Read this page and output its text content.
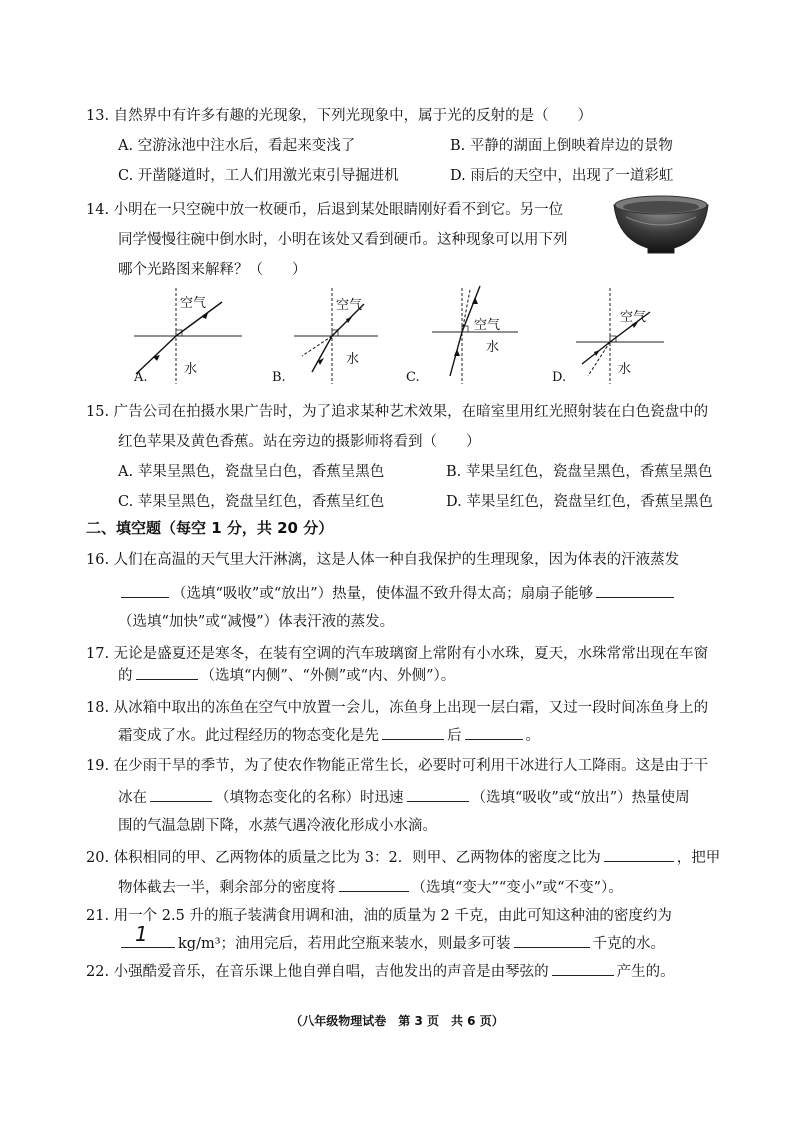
13. 自然界中有许多有趣的光现象，下列光现象中，属于光的反射的是（　　）
A. 空游泳池中注水后，看起来变浅了	B. 平静的湖面上倒映着岸边的景物
C. 开凿隧道时，工人们用激光束引导掘进机	D. 雨后的天空中，出现了一道彩虹
14. 小明在一只空碗中放一枚硬币，后退到某处眼睛刚好看不到它。另一位
同学慢慢往碗中倒水时，小明在该处又看到硬币。这种现象可以用下列
哪个光路图来解释？（　　）
A.
空气
水
B.
空气
水
C.
空气
水
D.
空气
水
15. 广告公司在拍摄水果广告时，为了追求某种艺术效果，在暗室里用红光照射装在白色瓷盘中的
红色苹果及黄色香蕉。站在旁边的摄影师将看到（　　）
A. 苹果呈黑色，瓷盘呈白色，香蕉呈黑色	B. 苹果呈红色，瓷盘呈黑色，香蕉呈黑色
C. 苹果呈黑色，瓷盘呈红色，香蕉呈红色	D. 苹果呈红色，瓷盘呈红色，香蕉呈黑色
二、填空题（每空 1 分，共 20 分）
16. 人们在高温的天气里大汗淋漓，这是人体一种自我保护的生理现象，因为体表的汗液蒸发
（选填“吸收”或“放出”）热量，使体温不致升得太高；扇扇子能够
（选填“加快”或“减慢”）体表汗液的蒸发。
17. 无论是盛夏还是寒冬，在装有空调的汽车玻璃窗上常附有小水珠，夏天，水珠常常出现在车窗
的	（选填“内侧”、“外侧”或“内、外侧”）。
18. 从冰箱中取出的冻鱼在空气中放置一会儿，冻鱼身上出现一层白霜，又过一段时间冻鱼身上的
霜变成了水。此过程经历的物态变化是先	后	。
19. 在少雨干旱的季节，为了使农作物能正常生长，必要时可利用干冰进行人工降雨。这是由于干
冰在	（填物态变化的名称）时迅速	（选填“吸收”或“放出”）热量使周
围的气温急剧下降，水蒸气遇冷液化形成小水滴。
20. 体积相同的甲、乙两物体的质量之比为 3：2．则甲、乙两物体的密度之比为	，把甲
物体截去一半，剩余部分的密度将	（选填“变大”“变小”或“不变”）。
21. 用一个 2.5 升的瓶子装满食用调和油，油的质量为 2 千克，由此可知这种油的密度约为
1 kg/m³；油用完后，若用此空瓶来装水，则最多可装	千克的水。
22. 小强酷爱音乐，在音乐课上他自弹自唱，吉他发出的声音是由琴弦的	产生的。
（八年级物理试卷　第 3 页　共 6 页）
